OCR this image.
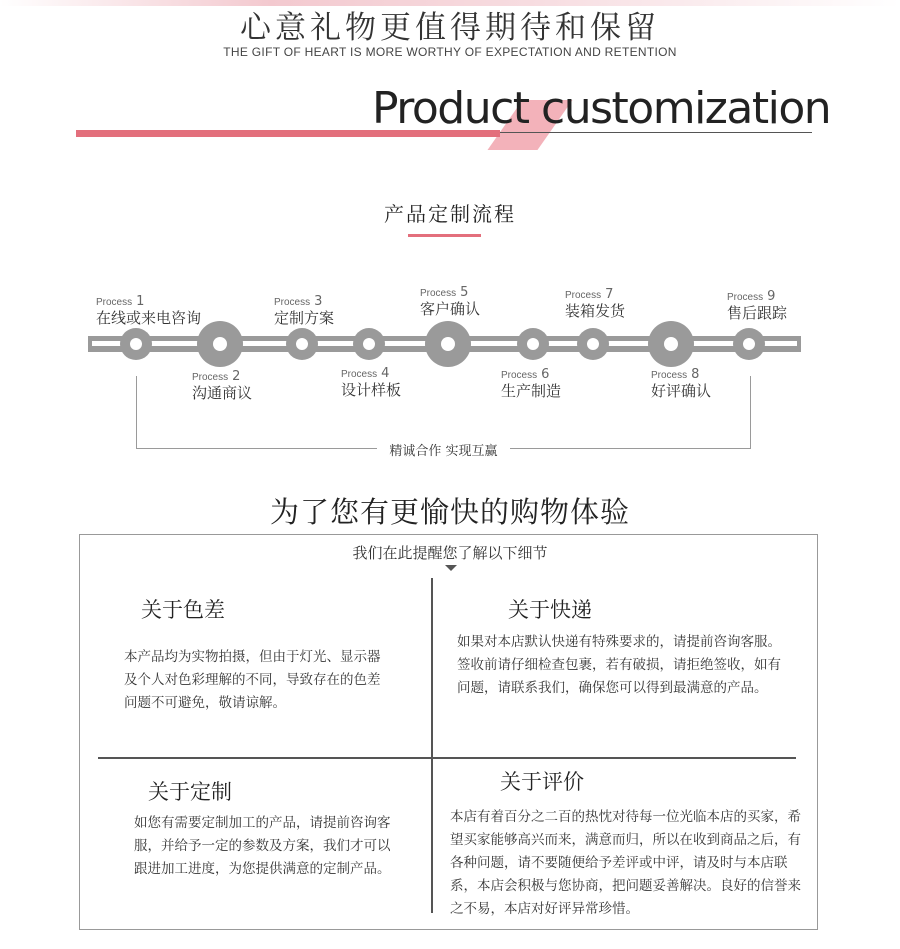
心意礼物更值得期待和保留
THE GIFT OF HEART IS MORE WORTHY OF EXPECTATION AND RETENTION
Product customization
产品定制流程
Process 1
在线或来电咨询
Process 3
定制方案
Process 5
客户确认
Process 7
装箱发货
Process 9
售后跟踪
Process 2
沟通商议
Process 4
设计样板
Process 6
生产制造
Process 8
好评确认
精诚合作 实现互赢
为了您有更愉快的购物体验
我们在此提醒您了解以下细节
关于色差
本产品均为实物拍摄，但由于灯光、显示器及个人对色彩理解的不同，导致存在的色差问题不可避免，敬请谅解。
关于快递
如果对本店默认快递有特殊要求的，请提前咨询客服。签收前请仔细检查包裹，若有破损，请拒绝签收，如有问题，请联系我们，确保您可以得到最满意的产品。
关于定制
如您有需要定制加工的产品，请提前咨询客服，并给予一定的参数及方案，我们才可以跟进加工进度，为您提供满意的定制产品。
关于评价
本店有着百分之二百的热忱对待每一位光临本店的买家，希望买家能够高兴而来，满意而归，所以在收到商品之后，有各种问题，请不要随便给予差评或中评，请及时与本店联系，本店会积极与您协商，把问题妥善解决。良好的信誉来之不易，本店对好评异常珍惜。
